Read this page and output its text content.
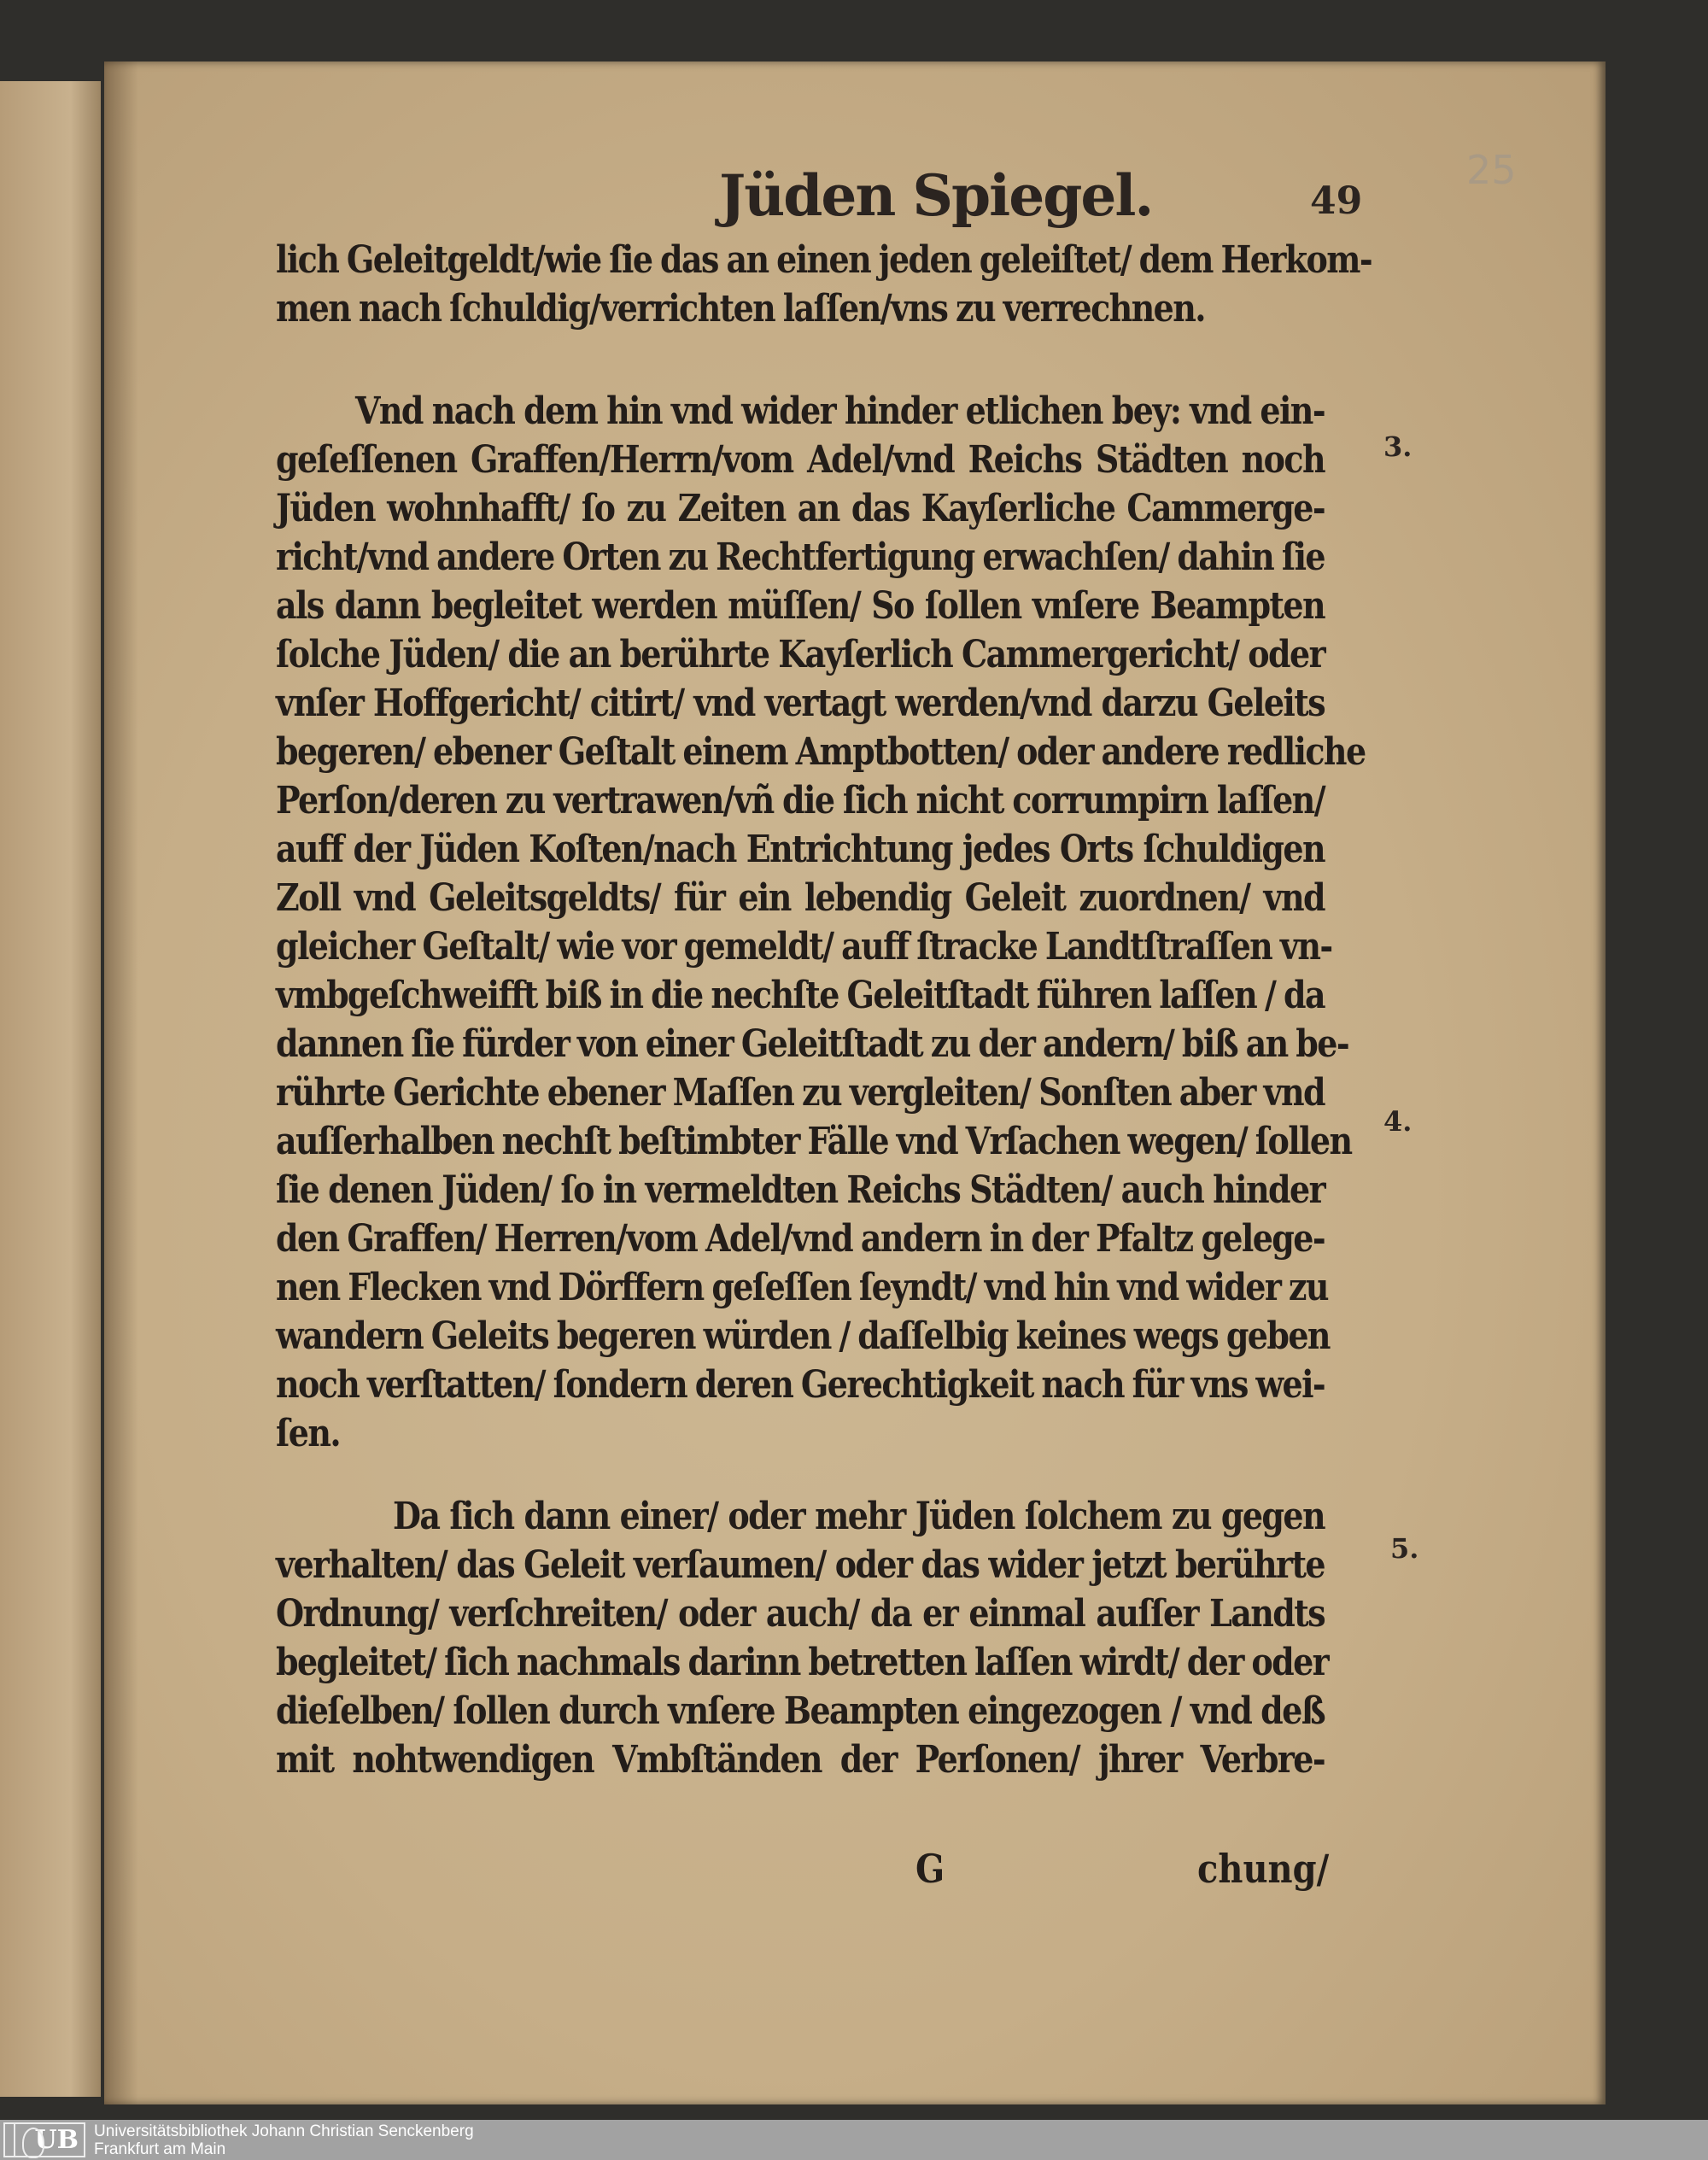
Jüden Spiegel.	49
25
lich Geleitgeldt/wie ſie das an einen jeden geleiſtet/ dem Herkom-
men nach ſchuldig/verrichten laſſen/vns zu verrechnen.
Vnd nach dem hin vnd wider hinder etlichen bey: vnd ein-
geſeſſenen Graffen/Herrn/vom Adel/vnd Reichs Städten noch
Jüden wohnhafft/ ſo zu Zeiten an das Kayſerliche Cammerge-
richt/vnd andere Orten zu Rechtfertigung erwachſen/ dahin ſie
als dann begleitet werden müſſen/ So ſollen vnſere Beampten
ſolche Jüden/ die an berührte Kayſerlich Cammergericht/ oder
vnſer Hoffgericht/ citirt/ vnd vertagt werden/vnd darzu Geleits
begeren/ ebener Geſtalt einem Amptbotten/ oder andere redliche
Perſon/deren zu vertrawen/vñ die ſich nicht corrumpirn laſſen/
auff der Jüden Koſten/nach Entrichtung jedes Orts ſchuldigen
Zoll vnd Geleitsgeldts/ für ein lebendig Geleit zuordnen/ vnd
gleicher Geſtalt/ wie vor gemeldt/ auff ſtracke Landtſtraſſen vn-
vmbgeſchweifft biß in die nechſte Geleitſtadt führen laſſen / da
dannen ſie fürder von einer Geleitſtadt zu der andern/ biß an be-
rührte Gerichte ebener Maſſen zu vergleiten/ Sonſten aber vnd
auſſerhalben nechſt beſtimbter Fälle vnd Vrſachen wegen/ ſollen
ſie denen Jüden/ ſo in vermeldten Reichs Städten/ auch hinder
den Graffen/ Herren/vom Adel/vnd andern in der Pfaltz gelege-
nen Flecken vnd Dörffern geſeſſen ſeyndt/ vnd hin vnd wider zu
wandern Geleits begeren würden / daſſelbig keines wegs geben
noch verſtatten/ ſondern deren Gerechtigkeit nach für vns wei-
ſen.
Da ſich dann einer/ oder mehr Jüden ſolchem zu gegen
verhalten/ das Geleit verſaumen/ oder das wider jetzt berührte
Ordnung/ verſchreiten/ oder auch/ da er einmal auſſer Landts
begleitet/ ſich nachmals darinn betretten laſſen wirdt/ der oder
dieſelben/ ſollen durch vnſere Beampten eingezogen / vnd deß
mit nohtwendigen Vmbſtänden der Perſonen/ jhrer Verbre-
3.
4.
5.
G	chung/
UB Universitätsbibliothek Johann Christian Senckenberg
Frankfurt am Main
